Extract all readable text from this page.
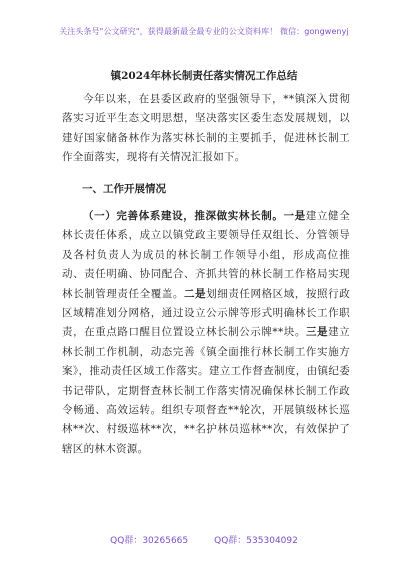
关注头条号"公文研究"，获得最新最全最专业的公文资料库！ 微信：gongwenyj
镇2024年林长制责任落实情况工作总结
今年以来，在县委区政府的坚强领导下，**镇深入贯彻落实习近平生态文明思想，坚决落实区委生态发展规划，以建好国家储备林作为落实林长制的主要抓手，促进林长制工作全面落实，现将有关情况汇报如下。
一、工作开展情况
（一）完善体系建设，推深做实林长制。一是建立健全林长责任体系，成立以镇党政主要领导任双组长、分管领导及各村负责人为成员的林长制工作领导小组，形成高位推动、责任明确、协同配合、齐抓共管的林长制工作格局实现林长制管理责任全覆盖。二是划细责任网格区域，按照行政区域精准划分网格，通过设立公示牌等形式明确林长工作职责，在重点路口醒目位置设立林长制公示牌**块。三是建立林长制工作机制，动态完善《镇全面推行林长制工作实施方案》，推动责任区域工作落实。建立工作督查制度，由镇纪委书记带队，定期督查林长制工作落实情况确保林长制工作政令畅通、高效运转。组织专项督查**轮次，开展镇级林长巡林**次、村级巡林**次，**名护林员巡林**次，有效保护了辖区的林木资源。
QQ群：30265665	QQ群：535304092
